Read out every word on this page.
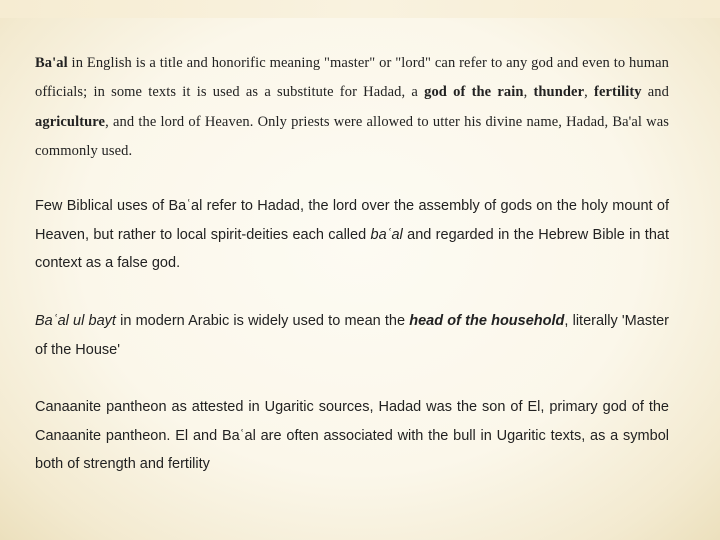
Ba'al in English is a title and honorific meaning "master" or "lord" can refer to any god and even to human officials; in some texts it is used as a substitute for Hadad, a god of the rain, thunder, fertility and agriculture, and the lord of Heaven. Only priests were allowed to utter his divine name, Hadad, Ba'al was commonly used.

Few Biblical uses of Baʿal refer to Hadad, the lord over the assembly of gods on the holy mount of Heaven, but rather to local spirit-deities each called baʿal and regarded in the Hebrew Bible in that context as a false god.

Baʿal ul bayt in modern Arabic is widely used to mean the head of the household, literally 'Master of the House'

Canaanite pantheon as attested in Ugaritic sources, Hadad was the son of El, primary god of the Canaanite pantheon. El and Baʿal are often associated with the bull in Ugaritic texts, as a symbol both of strength and fertility
